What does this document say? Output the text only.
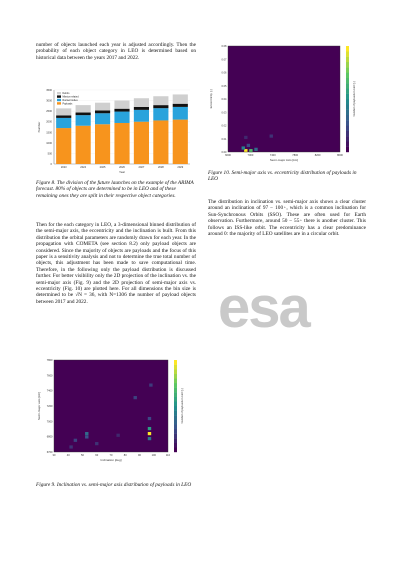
esa
number of objects launched each year is adjusted accordingly. Then the probability of each object category in LEO is determined based on historical data between the years 2017 and 2022.
3500
3000
2500
2000
1500
1000
500
0
Number
2023	2024	2025	2026	2027	2028	2029
Year
Debris
Mission related
Rocket bodies
Payloads
Figure 8. The division of the future launches on the example of the ARIMA forecast. 80% of objects are determined to be in LEO and of these remaining ones they are split in their respective object categories.
Then for the each category in LEO, a 3-dimensional binned distribution of the semi-major axis, the eccentricity and the inclination is built. From this distribution the orbital parameters are randomly drawn for each year. In the propagation with COMETA (see section 8.2) only payload objects are considered. Since the majority of objects are payloads and the focus of this paper is a sensitivity analysis and not to determine the true total number of objects, this adjustment has been made to save computational time. Therefore, in the following only the payload distribution is discussed further. For better visibility only the 2D projection of the inclination vs. the semi-major axis (Fig. 9) and the 2D projection of semi-major axis vs. eccentricity (Fig. 10) are plotted here. For all dimensions the bin size is determined to be √N = 36, with N=1306 the number of payload objects between 2017 and 2022.
30	40	50	60	70	80	90	100	110
7800
7600
7400
7200
7000
6800
6700
Inclination [deg]
Semi-major axis [km]	Number of payloads in LEO [-]
Figure 9. Inclination vs. semi-major axis distribution of payloads in LEO
6600	7000	7400	7800	8200	8600
0.08
0.07
0.06
0.05
0.04
0.03
0.02
0.01
0.00
Semi-major Axis [km]
Eccentricity [-]	Number of payloads in LEO [-]
Figure 10. Semi-major axis vs. eccentricity distribution of payloads in LEO
The distribution in inclination vs. semi-major axis shows a clear cluster around an inclination of 97 − 100◦, which is a common inclination for Sun-Synchronous Orbits (SSO). These are often used for Earth observation. Furthermore, around 50 − 55◦ there is another cluster. This follows an ISS-like orbit. The eccentricity has a clear predominance around 0: the majority of LEO satellites are in a circular orbit.
